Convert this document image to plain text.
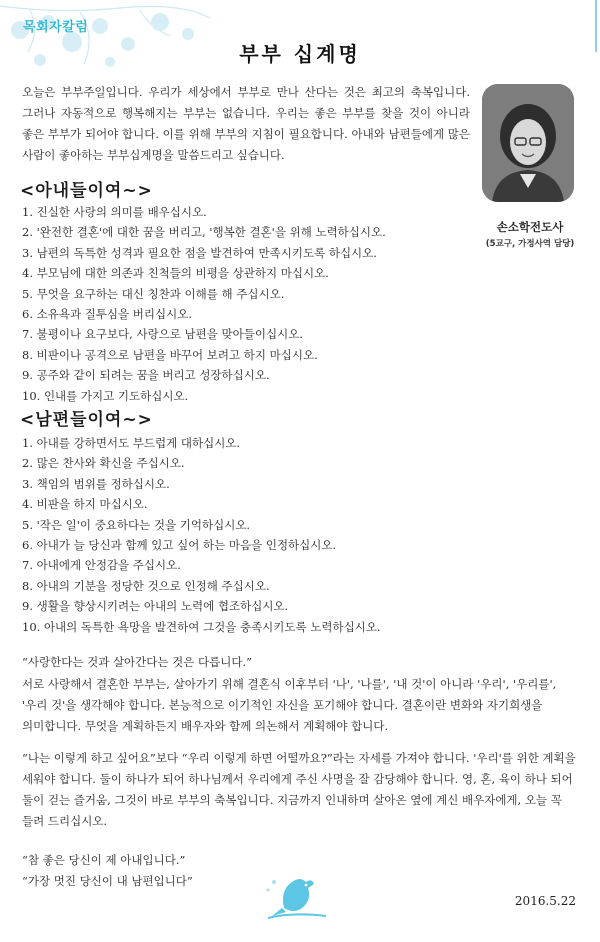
목회자칼럼
부부 십계명

오늘은 부부주일입니다. 우리가 세상에서 부부로 만나 산다는 것은 최고의 축복입니다. 그러나 자동적으로 행복해지는 부부는 없습니다. 우리는 좋은 부부를 찾을 것이 아니라 좋은 부부가 되어야 합니다. 이를 위해 부부의 지침이 필요합니다. 아내와 남편들에게 많은 사람이 좋아하는 부부십계명을 말씀드리고 싶습니다.

손소학전도사
(5교구, 가정사역 담당)
<아내들이여~>
1. 진실한 사랑의 의미를 배우십시오.
2. '완전한 결혼'에 대한 꿈을 버리고, '행복한 결혼'을 위해 노력하십시오.
3. 남편의 독특한 성격과 필요한 점을 발견하여 만족시키도록 하십시오.
4. 부모님에 대한 의존과 친척들의 비평을 상관하지 마십시오.
5. 무엇을 요구하는 대신 칭찬과 이해를 해 주십시오.
6. 소유욕과 질투심을 버리십시오.
7. 불평이나 요구보다, 사랑으로 남편을 맞아들이십시오.
8. 비판이나 공격으로 남편을 바꾸어 보려고 하지 마십시오.
9. 공주와 같이 되려는 꿈을 버리고 성장하십시오.
10. 인내를 가지고 기도하십시오.
<남편들이여~>
1. 아내를 강하면서도 부드럽게 대하십시오.
2. 많은 찬사와 확신을 주십시오.
3. 책임의 범위를 정하십시오.
4. 비판을 하지 마십시오.
5. '작은 일'이 중요하다는 것을 기억하십시오.
6. 아내가 늘 당신과 함께 있고 싶어 하는 마음을 인정하십시오.
7. 아내에게 안정감을 주십시오.
8. 아내의 기분을 정당한 것으로 인정해 주십시오.
9. 생활을 향상시키려는 아내의 노력에 협조하십시오.
10. 아내의 독특한 욕망을 발견하여 그것을 충족시키도록 노력하십시오.

“사랑한다는 것과 살아간다는 것은 다릅니다.”

서로 사랑해서 결혼한 부부는, 살아가기 위해 결혼식 이후부터 '나', '나를', '내 것'이 아니라 '우리', '우리를', '우리 것'을 생각해야 합니다. 본능적으로 이기적인 자신을 포기해야 합니다. 결혼이란 변화와 자기희생을 의미합니다. 무엇을 계획하든지 배우자와 함께 의논해서 계획해야 합니다.

“나는 이렇게 하고 싶어요”보다 “우리 이렇게 하면 어떨까요?”라는 자세를 가져야 합니다. '우리'를 위한 계획을 세워야 합니다. 둘이 하나가 되어 하나님께서 우리에게 주신 사명을 잘 감당해야 합니다. 영, 혼, 육이 하나 되어 둘이 걷는 즐거움, 그것이 바로 부부의 축복입니다. 지금까지 인내하며 살아온 옆에 계신 배우자에게, 오늘 꼭 들려 드리십시오.

“참 좋은 당신이 제 아내입니다.”

“가장 멋진 당신이 내 남편입니다”

2016.5.22
